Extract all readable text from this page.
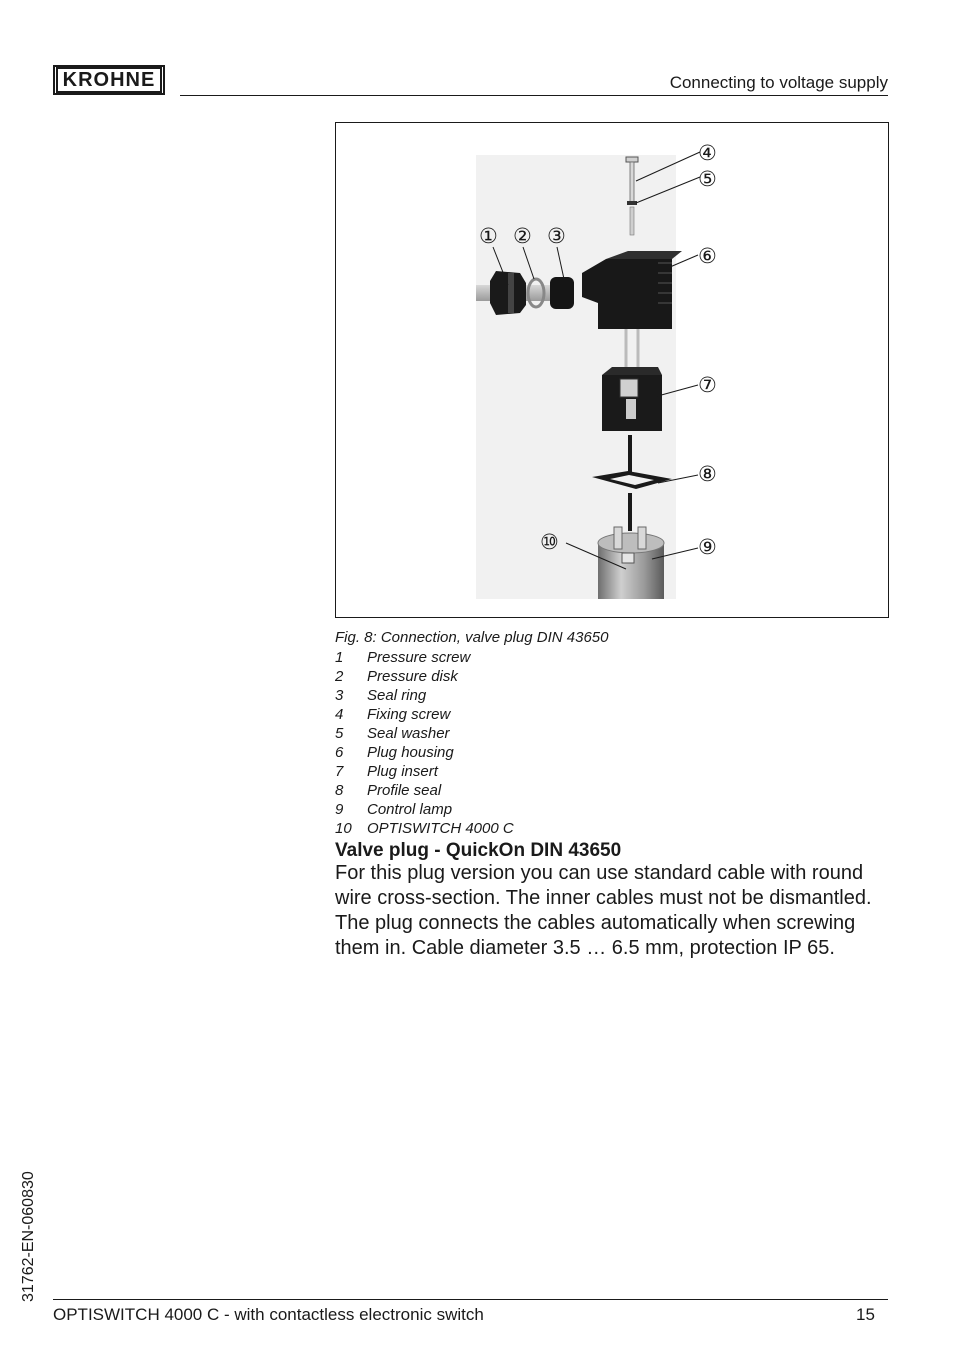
KROHNE	Connecting to voltage supply
① ② ③
④
⑤
⑥
⑦
⑧
⑨
⑩
Fig. 8: Connection, valve plug DIN 43650
1	Pressure screw
2	Pressure disk
3	Seal ring
4	Fixing screw
5	Seal washer
6	Plug housing
7	Plug insert
8	Profile seal
9	Control lamp
10	OPTISWITCH 4000 C
Valve plug - QuickOn DIN 43650
For this plug version you can use standard cable with round wire cross-section. The inner cables must not be dismantled. The plug connects the cables automatically when screwing them in. Cable diameter 3.5 … 6.5 mm, protection IP 65.
31762-EN-060830
OPTISWITCH 4000 C - with contactless electronic switch	15
